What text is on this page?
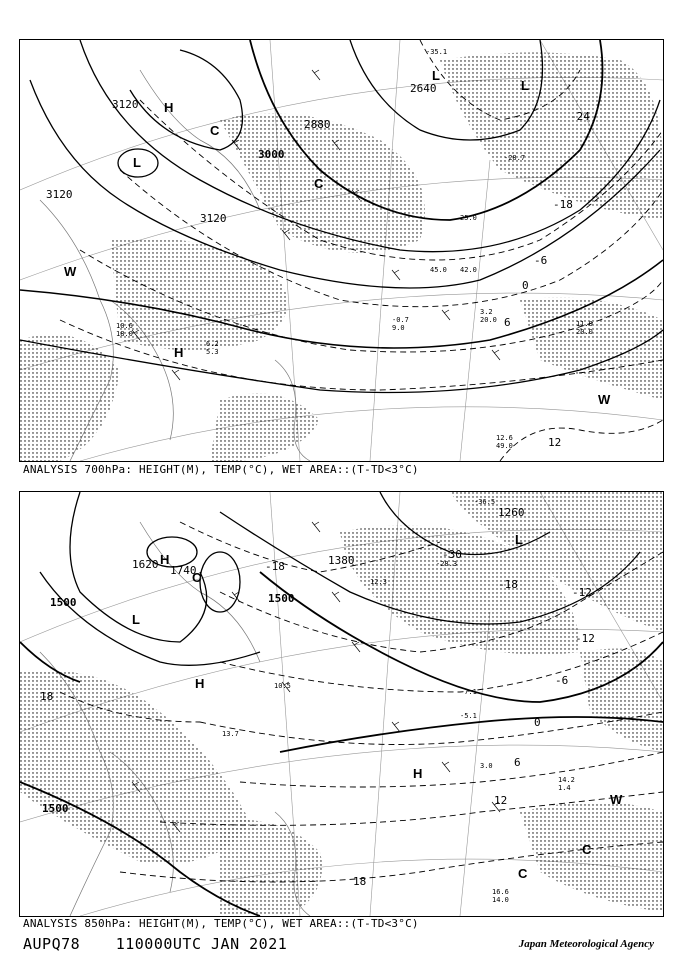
3120
3120
3000
2880
2640
3120
-24
-18
-6
0
6
12
H
L
L
L
H
W
W
C
C
11.0
20.0
12.6
49.0
3.2
20.0
-0.7
9.0
45.0 42.0
25.0
-28.7
-35.1
10.6
18.0
6.2
5.3
ANALYSIS 700hPa: HEIGHT(M), TEMP(°C), WET AREA::(T-TD<3°C)
1620 1740
1500	1500
1380
1260
1500
-30
-18
-18
-12
-12
-6
0
6
12
18
18
H
H
L
L
C
C
C
H
W
16.6
14.0
14.2
1.4
-7.1
-5.1
-28.3
-36.5
10.5
13.7
3.0
12.3
ANALYSIS 850hPa: HEIGHT(M), TEMP(°C), WET AREA::(T-TD<3°C)
AUPQ78 110000UTC JAN 2021	Japan Meteorological Agency
